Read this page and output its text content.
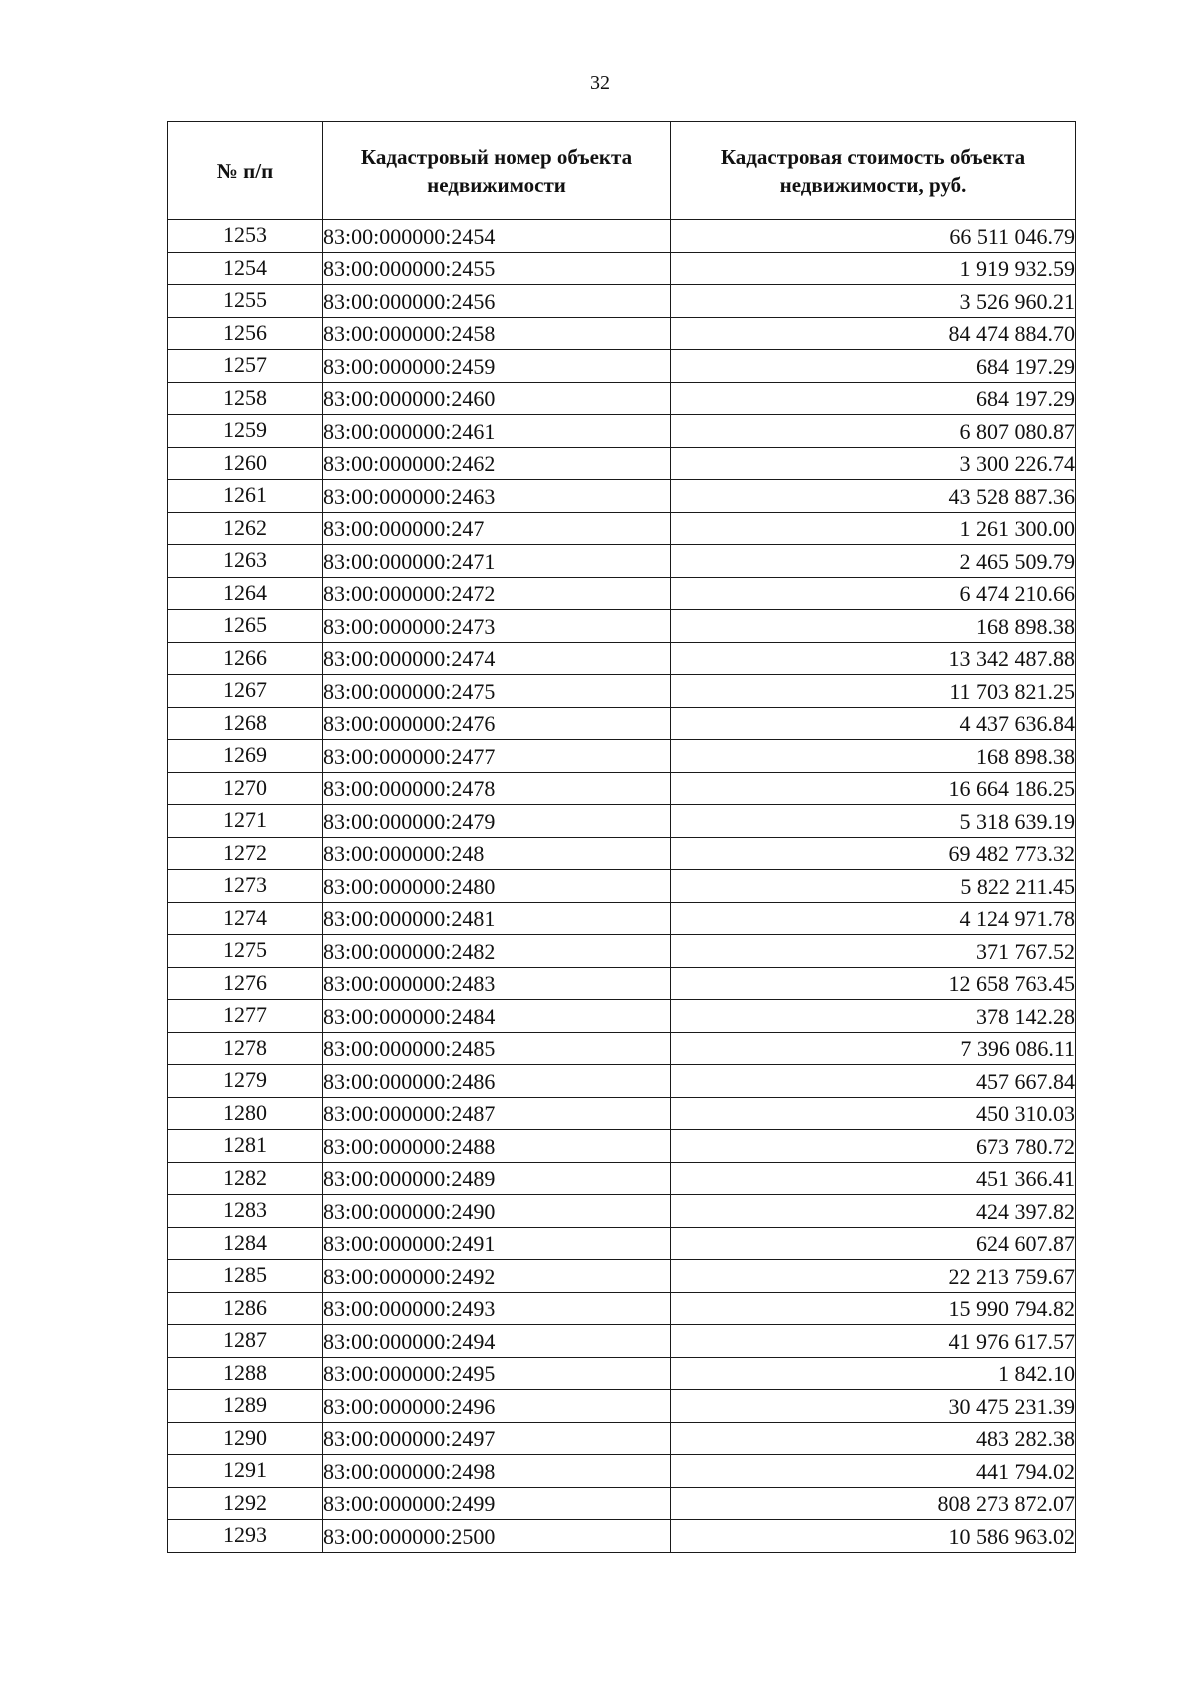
32
№ п/п	Кадастровый номер объекта недвижимости	Кадастровая стоимость объекта недвижимости, руб.
1253	83:00:000000:2454	66 511 046.79
1254	83:00:000000:2455	1 919 932.59
1255	83:00:000000:2456	3 526 960.21
1256	83:00:000000:2458	84 474 884.70
1257	83:00:000000:2459	684 197.29
1258	83:00:000000:2460	684 197.29
1259	83:00:000000:2461	6 807 080.87
1260	83:00:000000:2462	3 300 226.74
1261	83:00:000000:2463	43 528 887.36
1262	83:00:000000:247	1 261 300.00
1263	83:00:000000:2471	2 465 509.79
1264	83:00:000000:2472	6 474 210.66
1265	83:00:000000:2473	168 898.38
1266	83:00:000000:2474	13 342 487.88
1267	83:00:000000:2475	11 703 821.25
1268	83:00:000000:2476	4 437 636.84
1269	83:00:000000:2477	168 898.38
1270	83:00:000000:2478	16 664 186.25
1271	83:00:000000:2479	5 318 639.19
1272	83:00:000000:248	69 482 773.32
1273	83:00:000000:2480	5 822 211.45
1274	83:00:000000:2481	4 124 971.78
1275	83:00:000000:2482	371 767.52
1276	83:00:000000:2483	12 658 763.45
1277	83:00:000000:2484	378 142.28
1278	83:00:000000:2485	7 396 086.11
1279	83:00:000000:2486	457 667.84
1280	83:00:000000:2487	450 310.03
1281	83:00:000000:2488	673 780.72
1282	83:00:000000:2489	451 366.41
1283	83:00:000000:2490	424 397.82
1284	83:00:000000:2491	624 607.87
1285	83:00:000000:2492	22 213 759.67
1286	83:00:000000:2493	15 990 794.82
1287	83:00:000000:2494	41 976 617.57
1288	83:00:000000:2495	1 842.10
1289	83:00:000000:2496	30 475 231.39
1290	83:00:000000:2497	483 282.38
1291	83:00:000000:2498	441 794.02
1292	83:00:000000:2499	808 273 872.07
1293	83:00:000000:2500	10 586 963.02
